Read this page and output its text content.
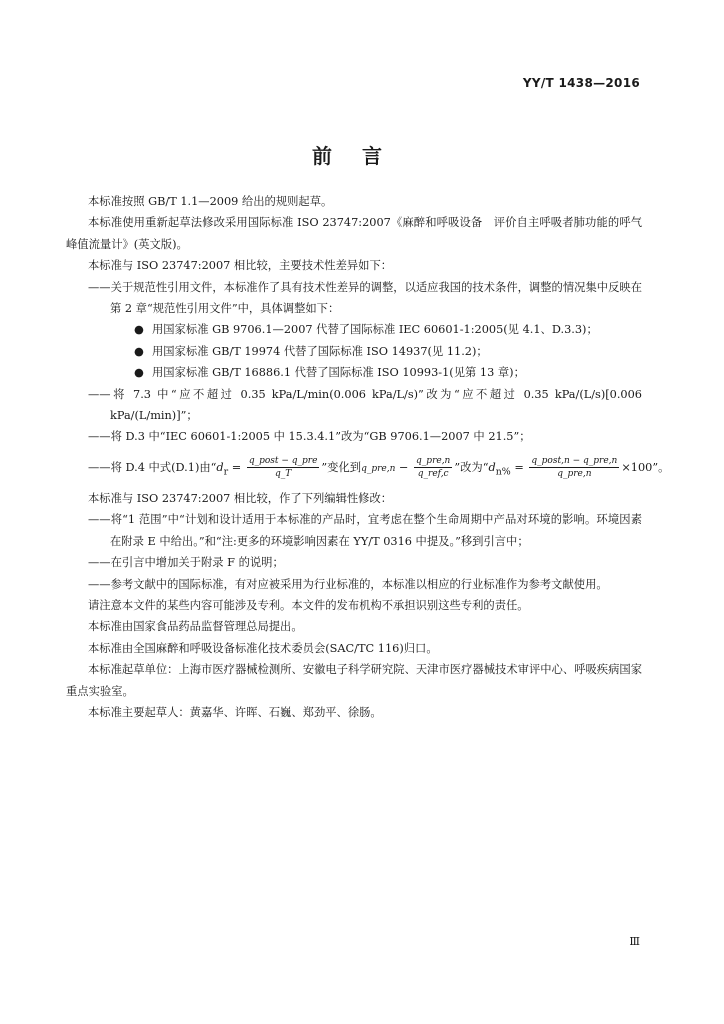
YY/T 1438—2016
前言

本标准按照 GB/T 1.1—2009 给出的规则起草。

本标准使用重新起草法修改采用国际标准 ISO 23747:2007《麻醉和呼吸设备　评价自主呼吸者肺功能的呼气峰值流量计》(英文版)。

本标准与 ISO 23747:2007 相比较，主要技术性差异如下：

——关于规范性引用文件，本标准作了具有技术性差异的调整，以适应我国的技术条件，调整的情况集中反映在第 2 章“规范性引用文件”中，具体调整如下：

● 用国家标准 GB 9706.1—2007 代替了国际标准 IEC 60601-1:2005(见 4.1、D.3.3)；

● 用国家标准 GB/T 19974 代替了国际标准 ISO 14937(见 11.2)；

● 用国家标准 GB/T 16886.1 代替了国际标准 ISO 10993-1(见第 13 章)；

——将 7.3 中“应不超过 0.35 kPa/L/min(0.006 kPa/L/s)”改为“应不超过 0.35 kPa/(L/s)[0.006 kPa/(L/min)]”；

——将 D.3 中“IEC 60601-1:2005 中 15.3.4.1”改为“GB 9706.1—2007 中 21.5”；

——将 D.4 中式(D.1)由“$d_r = \frac{\text{q\_post − q\_pre}}{q\_T}$ ”变化到q_pre,n − $\frac{\text{q\_pre,n}}{\text{q\_ref,c}}$ ”改为“$d_{n\%} = \frac{\text{q\_post,n − q\_pre,n}}{\text{q\_pre,n}} \times 100$”。

本标准与 ISO 23747:2007 相比较，作了下列编辑性修改：

——将“1 范围”中“计划和设计适用于本标准的产品时，宜考虑在整个生命周期中产品对环境的影响。环境因素在附录 E 中给出。”和“注:更多的环境影响因素在 YY/T 0316 中提及。”移到引言中；

——在引言中增加关于附录 F 的说明；

——参考文献中的国际标准，有对应被采用为行业标准的，本标准以相应的行业标准作为参考文献使用。

请注意本文件的某些内容可能涉及专利。本文件的发布机构不承担识别这些专利的责任。

本标准由国家食品药品监督管理总局提出。

本标准由全国麻醉和呼吸设备标准化技术委员会(SAC/TC 116)归口。

本标准起草单位：上海市医疗器械检测所、安徽电子科学研究院、天津市医疗器械技术审评中心、呼吸疾病国家重点实验室。

本标准主要起草人：黄嘉华、许晖、石巍、郑劲平、徐肠。

Ⅲ
